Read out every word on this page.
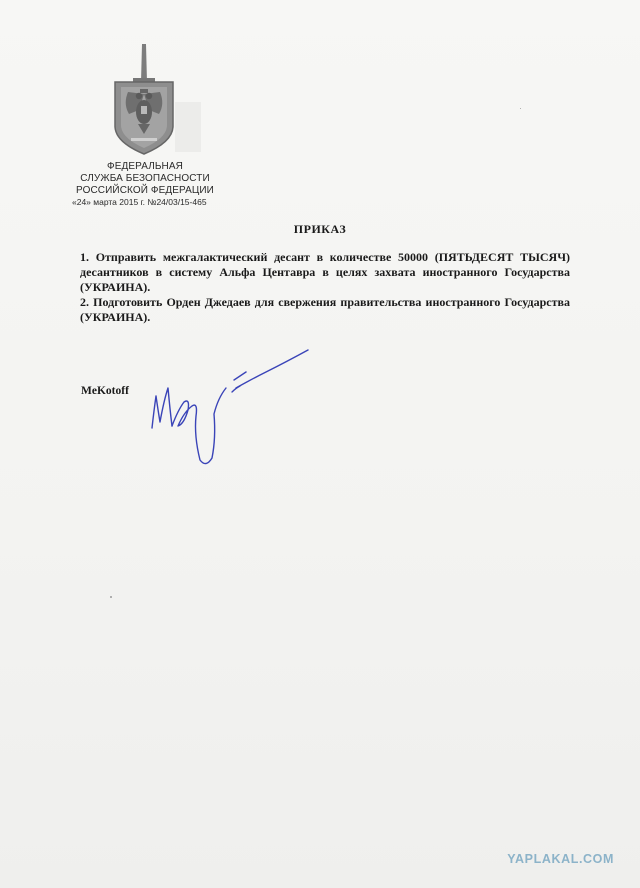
ФЕДЕРАЛЬНАЯ
СЛУЖБА БЕЗОПАСНОСТИ
РОССИЙСКОЙ ФЕДЕРАЦИИ
«24» марта 2015 г. №24/03/15-465
ПРИКАЗ

1. Отправить межгалактический десант в количестве 50000 (ПЯТЬДЕСЯТ ТЫСЯЧ) десантников в систему Альфа Центавра в целях захвата иностранного Государства (УКРАИНА).

2. Подготовить Орден Джедаев для свержения правительства иностранного Государства (УКРАИНА).

MeKotoff
YAPLAKAL.COM
